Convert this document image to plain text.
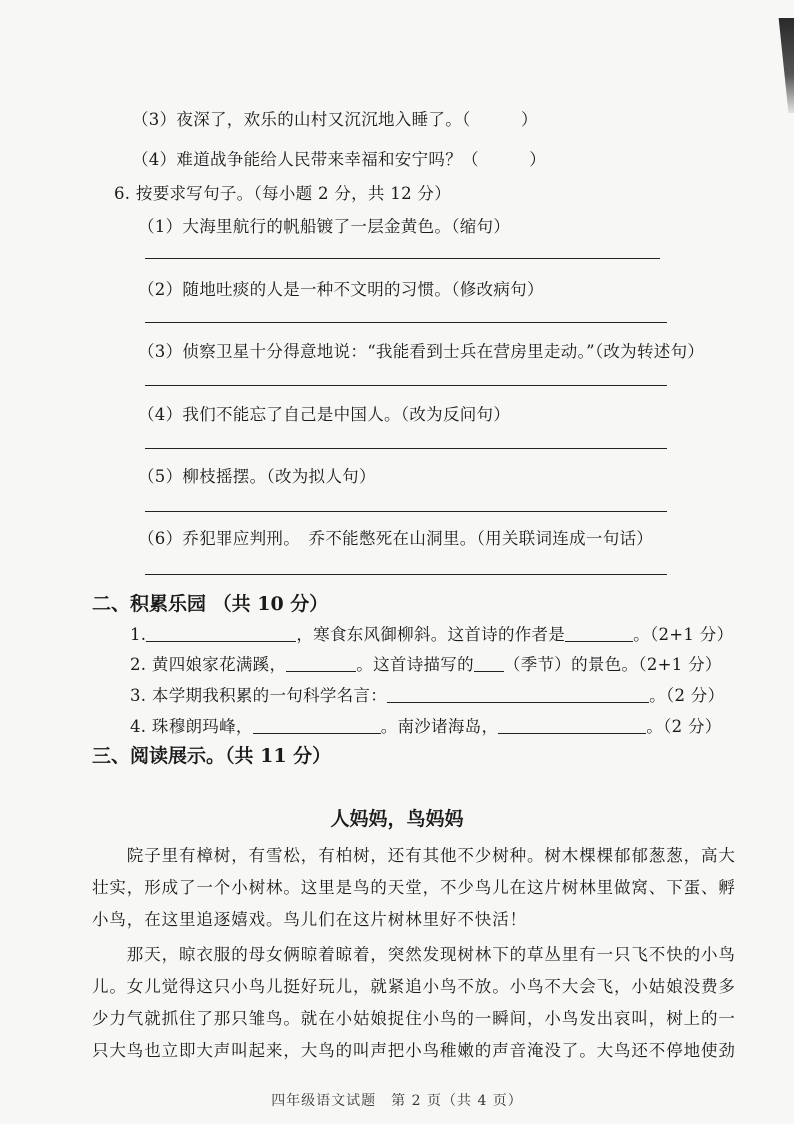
（3）夜深了，欢乐的山村又沉沉地入睡了。（　　　）
（4）难道战争能给人民带来幸福和安宁吗？（　　　）
6. 按要求写句子。（每小题 2 分，共 12 分）
（1）大海里航行的帆船镀了一层金黄色。（缩句）
（2）随地吐痰的人是一种不文明的习惯。（修改病句）
（3）侦察卫星十分得意地说：“我能看到士兵在营房里走动。”（改为转述句）
（4）我们不能忘了自己是中国人。（改为反问句）
（5）柳枝摇摆。（改为拟人句）
（6）乔犯罪应判刑。　乔不能憋死在山洞里。（用关联词连成一句话）
二、积累乐园 （共 10 分）
1.	，寒食东风御柳斜。这首诗的作者是	。（2+1 分）
2. 黄四娘家花满蹊，	。这首诗描写的 （季节）的景色。（2+1 分）
3. 本学期我积累的一句科学名言：	。（2 分）
4. 珠穆朗玛峰，	。南沙诸海岛，	。（2 分）
三、阅读展示。（共 11 分）
人妈妈，鸟妈妈
　　院子里有樟树，有雪松，有柏树，还有其他不少树种。树木棵棵郁郁葱葱，高大
壮实，形成了一个小树林。这里是鸟的天堂，不少鸟儿在这片树林里做窝、下蛋、孵
小鸟，在这里追逐嬉戏。鸟儿们在这片树林里好不快活！
　　那天，晾衣服的母女俩晾着晾着，突然发现树林下的草丛里有一只飞不快的小鸟
儿。女儿觉得这只小鸟儿挺好玩儿，就紧追小鸟不放。小鸟不大会飞，小姑娘没费多
少力气就抓住了那只雏鸟。就在小姑娘捉住小鸟的一瞬间，小鸟发出哀叫，树上的一
只大鸟也立即大声叫起来，大鸟的叫声把小鸟稚嫩的声音淹没了。大鸟还不停地使劲
四年级语文试题　第 2 页（共 4 页）
